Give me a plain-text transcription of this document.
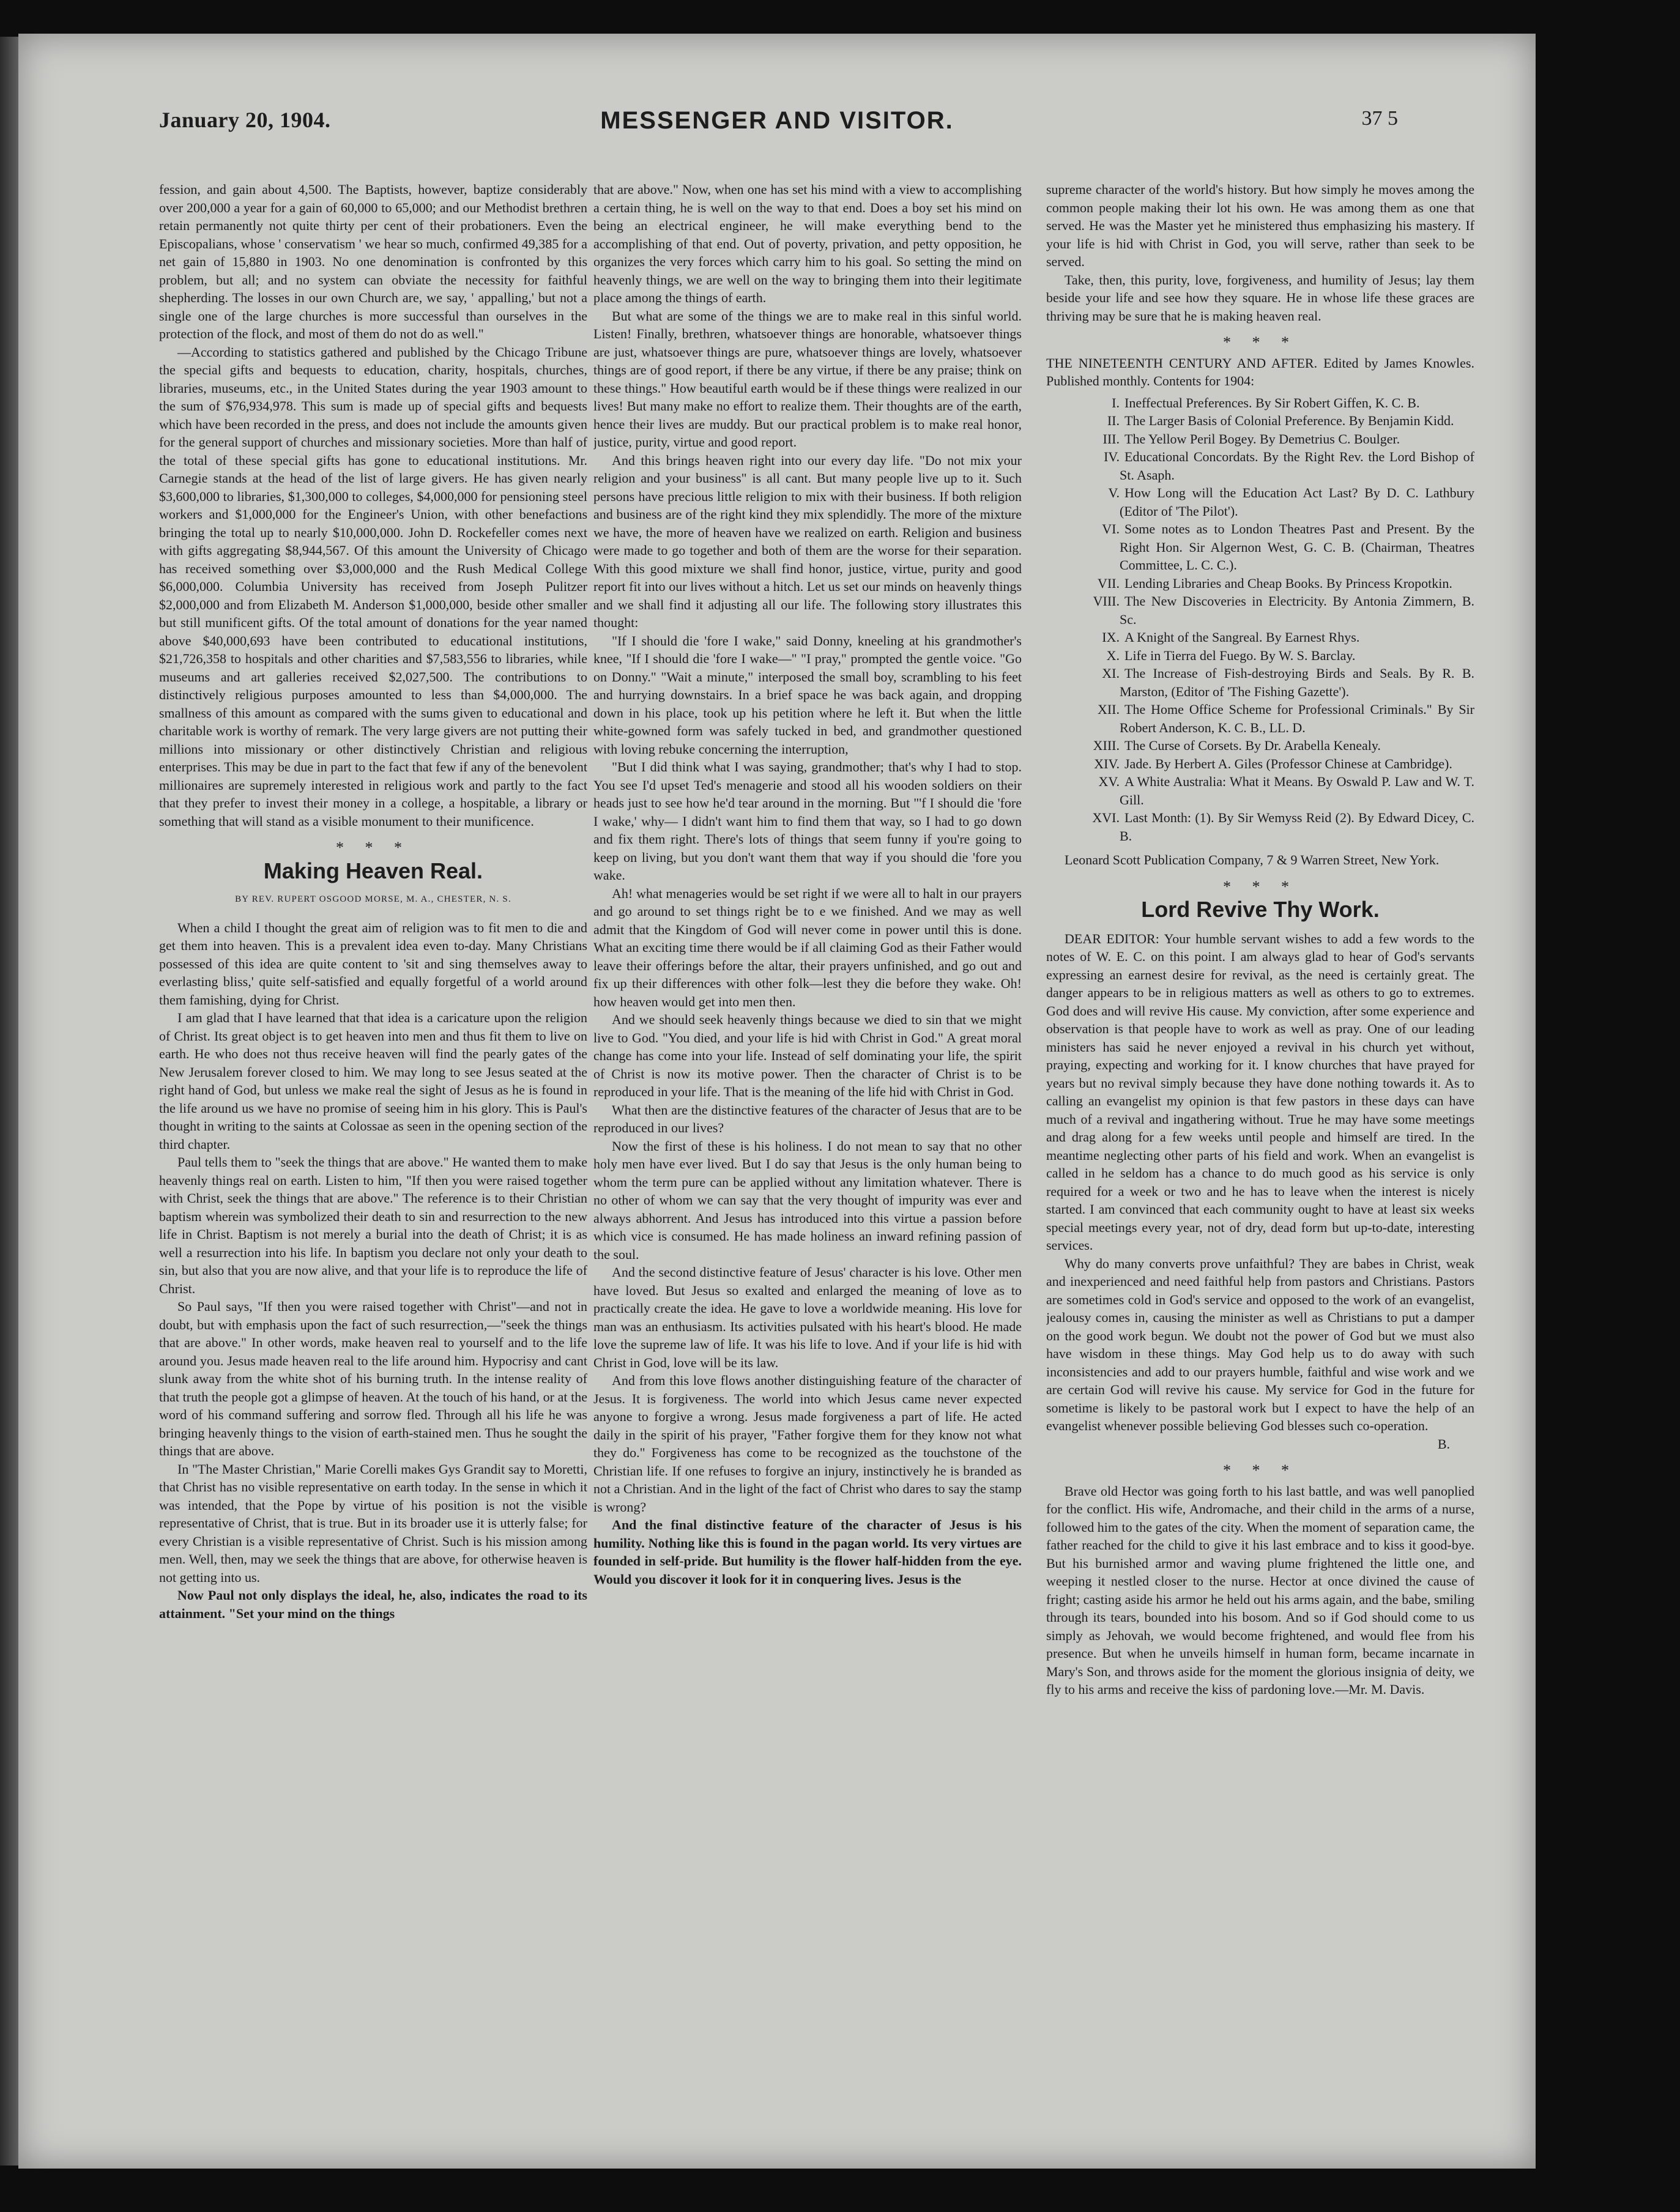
January 20, 1904.	MESSENGER AND VISITOR.	37 5

fession, and gain about 4,500. The Baptists, however, baptize considerably over 200,000 a year for a gain of 60,000 to 65,000; and our Methodist brethren retain permanently not quite thirty per cent of their probationers. Even the Episcopalians, whose ' conservatism ' we hear so much, confirmed 49,385 for a net gain of 15,880 in 1903. No one denomination is confronted by this problem, but all; and no system can obviate the necessity for faithful shepherding. The losses in our own Church are, we say, ' appalling,' but not a single one of the large churches is more successful than ourselves in the protection of the flock, and most of them do not do as well."

—According to statistics gathered and published by the Chicago Tribune the special gifts and bequests to education, charity, hospitals, churches, libraries, museums, etc., in the United States during the year 1903 amount to the sum of $76,934,978. This sum is made up of special gifts and bequests which have been recorded in the press, and does not include the amounts given for the general support of churches and missionary societies. More than half of the total of these special gifts has gone to educational institutions. Mr. Carnegie stands at the head of the list of large givers. He has given nearly $3,600,000 to libraries, $1,300,000 to colleges, $4,000,000 for pensioning steel workers and $1,000,000 for the Engineer's Union, with other benefactions bringing the total up to nearly $10,000,000. John D. Rockefeller comes next with gifts aggregating $8,944,567. Of this amount the University of Chicago has received something over $3,000,000 and the Rush Medical College $6,000,000. Columbia University has received from Joseph Pulitzer $2,000,000 and from Elizabeth M. Anderson $1,000,000, beside other smaller but still munificent gifts. Of the total amount of donations for the year named above $40,000,693 have been contributed to educational institutions, $21,726,358 to hospitals and other charities and $7,583,556 to libraries, while museums and art galleries received $2,027,500. The contributions to distinctively religious purposes amounted to less than $4,000,000. The smallness of this amount as compared with the sums given to educational and charitable work is worthy of remark. The very large givers are not putting their millions into missionary or other distinctively Christian and religious enterprises. This may be due in part to the fact that few if any of the benevolent millionaires are supremely interested in religious work and partly to the fact that they prefer to invest their money in a college, a hospitable, a library or something that will stand as a visible monument to their munificence.

* * *
Making Heaven Real.
BY REV. RUPERT OSGOOD MORSE, M. A., CHESTER, N. S.

When a child I thought the great aim of religion was to fit men to die and get them into heaven. This is a prevalent idea even to-day. Many Christians possessed of this idea are quite content to 'sit and sing themselves away to everlasting bliss,' quite self-satisfied and equally forgetful of a world around them famishing, dying for Christ.

I am glad that I have learned that that idea is a caricature upon the religion of Christ. Its great object is to get heaven into men and thus fit them to live on earth. He who does not thus receive heaven will find the pearly gates of the New Jerusalem forever closed to him. We may long to see Jesus seated at the right hand of God, but unless we make real the sight of Jesus as he is found in the life around us we have no promise of seeing him in his glory. This is Paul's thought in writing to the saints at Colossae as seen in the opening section of the third chapter.

Paul tells them to "seek the things that are above." He wanted them to make heavenly things real on earth. Listen to him, "If then you were raised together with Christ, seek the things that are above." The reference is to their Christian baptism wherein was symbolized their death to sin and resurrection to the new life in Christ. Baptism is not merely a burial into the death of Christ; it is as well a resurrection into his life. In baptism you declare not only your death to sin, but also that you are now alive, and that your life is to reproduce the life of Christ.

So Paul says, "If then you were raised together with Christ"—and not in doubt, but with emphasis upon the fact of such resurrection,—"seek the things that are above." In other words, make heaven real to yourself and to the life around you. Jesus made heaven real to the life around him. Hypocrisy and cant slunk away from the white shot of his burning truth. In the intense reality of that truth the people got a glimpse of heaven. At the touch of his hand, or at the word of his command suffering and sorrow fled. Through all his life he was bringing heavenly things to the vision of earth-stained men. Thus he sought the things that are above.

In "The Master Christian," Marie Corelli makes Gys Grandit say to Moretti, that Christ has no visible representative on earth today. In the sense in which it was intended, that the Pope by virtue of his position is not the visible representative of Christ, that is true. But in its broader use it is utterly false; for every Christian is a visible representative of Christ. Such is his mission among men. Well, then, may we seek the things that are above, for otherwise heaven is not getting into us.

Now Paul not only displays the ideal, he, also, indicates the road to its attainment. "Set your mind on the things

that are above." Now, when one has set his mind with a view to accomplishing a certain thing, he is well on the way to that end. Does a boy set his mind on being an electrical engineer, he will make everything bend to the accomplishing of that end. Out of poverty, privation, and petty opposition, he organizes the very forces which carry him to his goal. So setting the mind on heavenly things, we are well on the way to bringing them into their legitimate place among the things of earth.

But what are some of the things we are to make real in this sinful world. Listen! Finally, brethren, whatsoever things are honorable, whatsoever things are just, whatsoever things are pure, whatsoever things are lovely, whatsoever things are of good report, if there be any virtue, if there be any praise; think on these things." How beautiful earth would be if these things were realized in our lives! But many make no effort to realize them. Their thoughts are of the earth, hence their lives are muddy. But our practical problem is to make real honor, justice, purity, virtue and good report.

And this brings heaven right into our every day life. "Do not mix your religion and your business" is all cant. But many people live up to it. Such persons have precious little religion to mix with their business. If both religion and business are of the right kind they mix splendidly. The more of the mixture we have, the more of heaven have we realized on earth. Religion and business were made to go together and both of them are the worse for their separation. With this good mixture we shall find honor, justice, virtue, purity and good report fit into our lives without a hitch. Let us set our minds on heavenly things and we shall find it adjusting all our life. The following story illustrates this thought:

"If I should die 'fore I wake," said Donny, kneeling at his grandmother's knee, "If I should die 'fore I wake—" "I pray," prompted the gentle voice. "Go on Donny." "Wait a minute," interposed the small boy, scrambling to his feet and hurrying downstairs. In a brief space he was back again, and dropping down in his place, took up his petition where he left it. But when the little white-gowned form was safely tucked in bed, and grandmother questioned with loving rebuke concerning the interruption,

"But I did think what I was saying, grandmother; that's why I had to stop. You see I'd upset Ted's menagerie and stood all his wooden soldiers on their heads just to see how he'd tear around in the morning. But "'f I should die 'fore I wake,' why— I didn't want him to find them that way, so I had to go down and fix them right. There's lots of things that seem funny if you're going to keep on living, but you don't want them that way if you should die 'fore you wake.

Ah! what menageries would be set right if we were all to halt in our prayers and go around to set things right be to e we finished. And we may as well admit that the Kingdom of God will never come in power until this is done. What an exciting time there would be if all claiming God as their Father would leave their offerings before the altar, their prayers unfinished, and go out and fix up their differences with other folk—lest they die before they wake. Oh! how heaven would get into men then.

And we should seek heavenly things because we died to sin that we might live to God. "You died, and your life is hid with Christ in God." A great moral change has come into your life. Instead of self dominating your life, the spirit of Christ is now its motive power. Then the character of Christ is to be reproduced in your life. That is the meaning of the life hid with Christ in God.

What then are the distinctive features of the character of Jesus that are to be reproduced in our lives?

Now the first of these is his holiness. I do not mean to say that no other holy men have ever lived. But I do say that Jesus is the only human being to whom the term pure can be applied without any limitation whatever. There is no other of whom we can say that the very thought of impurity was ever and always abhorrent. And Jesus has introduced into this virtue a passion before which vice is consumed. He has made holiness an inward refining passion of the soul.

And the second distinctive feature of Jesus' character is his love. Other men have loved. But Jesus so exalted and enlarged the meaning of love as to practically create the idea. He gave to love a worldwide meaning. His love for man was an enthusiasm. Its activities pulsated with his heart's blood. He made love the supreme law of life. It was his life to love. And if your life is hid with Christ in God, love will be its law.

And from this love flows another distinguishing feature of the character of Jesus. It is forgiveness. The world into which Jesus came never expected anyone to forgive a wrong. Jesus made forgiveness a part of life. He acted daily in the spirit of his prayer, "Father forgive them for they know not what they do." Forgiveness has come to be recognized as the touchstone of the Christian life. If one refuses to forgive an injury, instinctively he is branded as not a Christian. And in the light of the fact of Christ who dares to say the stamp is wrong?

And the final distinctive feature of the character of Jesus is his humility. Nothing like this is found in the pagan world. Its very virtues are founded in self-pride. But humility is the flower half-hidden from the eye. Would you discover it look for it in conquering lives. Jesus is the

supreme character of the world's history. But how simply he moves among the common people making their lot his own. He was among them as one that served. He was the Master yet he ministered thus emphasizing his mastery. If your life is hid with Christ in God, you will serve, rather than seek to be served.

Take, then, this purity, love, forgiveness, and humility of Jesus; lay them beside your life and see how they square. He in whose life these graces are thriving may be sure that he is making heaven real.

* * *

THE NINETEENTH CENTURY AND AFTER. Edited by James Knowles. Published monthly. Contents for 1904:

I. Ineffectual Preferences. By Sir Robert Giffen, K. C. B.
II. The Larger Basis of Colonial Preference. By Benjamin Kidd.
III. The Yellow Peril Bogey. By Demetrius C. Boulger.
IV. Educational Concordats. By the Right Rev. the Lord Bishop of St. Asaph.
V. How Long will the Education Act Last? By D. C. Lathbury (Editor of 'The Pilot').
VI. Some notes as to London Theatres Past and Present. By the Right Hon. Sir Algernon West, G. C. B. (Chairman, Theatres Committee, L. C. C.).
VII. Lending Libraries and Cheap Books. By Princess Kropotkin.
VIII. The New Discoveries in Electricity. By Antonia Zimmern, B. Sc.
IX. A Knight of the Sangreal. By Earnest Rhys.
X. Life in Tierra del Fuego. By W. S. Barclay.
XI. The Increase of Fish-destroying Birds and Seals. By R. B. Marston, (Editor of 'The Fishing Gazette').
XII. The Home Office Scheme for Professional Criminals." By Sir Robert Anderson, K. C. B., LL. D.
XIII. The Curse of Corsets. By Dr. Arabella Kenealy.
XIV. Jade. By Herbert A. Giles (Professor Chinese at Cambridge).
XV. A White Australia: What it Means. By Oswald P. Law and W. T. Gill.
XVI. Last Month: (1). By Sir Wemyss Reid (2). By Edward Dicey, C. B.

Leonard Scott Publication Company, 7 & 9 Warren Street, New York.

* * *
Lord Revive Thy Work.

DEAR EDITOR: Your humble servant wishes to add a few words to the notes of W. E. C. on this point. I am always glad to hear of God's servants expressing an earnest desire for revival, as the need is certainly great. The danger appears to be in religious matters as well as others to go to extremes. God does and will revive His cause. My conviction, after some experience and observation is that people have to work as well as pray. One of our leading ministers has said he never enjoyed a revival in his church yet without, praying, expecting and working for it. I know churches that have prayed for years but no revival simply because they have done nothing towards it. As to calling an evangelist my opinion is that few pastors in these days can have much of a revival and ingathering without. True he may have some meetings and drag along for a few weeks until people and himself are tired. In the meantime neglecting other parts of his field and work. When an evangelist is called in he seldom has a chance to do much good as his service is only required for a week or two and he has to leave when the interest is nicely started. I am convinced that each community ought to have at least six weeks special meetings every year, not of dry, dead form but up-to-date, interesting services.

Why do many converts prove unfaithful? They are babes in Christ, weak and inexperienced and need faithful help from pastors and Christians. Pastors are sometimes cold in God's service and opposed to the work of an evangelist, jealousy comes in, causing the minister as well as Christians to put a damper on the good work begun. We doubt not the power of God but we must also have wisdom in these things. May God help us to do away with such inconsistencies and add to our prayers humble, faithful and wise work and we are certain God will revive his cause. My service for God in the future for sometime is likely to be pastoral work but I expect to have the help of an evangelist whenever possible believing God blesses such co-operation.

B.
* * *

Brave old Hector was going forth to his last battle, and was well panoplied for the conflict. His wife, Andromache, and their child in the arms of a nurse, followed him to the gates of the city. When the moment of separation came, the father reached for the child to give it his last embrace and to kiss it good-bye. But his burnished armor and waving plume frightened the little one, and weeping it nestled closer to the nurse. Hector at once divined the cause of fright; casting aside his armor he held out his arms again, and the babe, smiling through its tears, bounded into his bosom. And so if God should come to us simply as Jehovah, we would become frightened, and would flee from his presence. But when he unveils himself in human form, became incarnate in Mary's Son, and throws aside for the moment the glorious insignia of deity, we fly to his arms and receive the kiss of pardoning love.—Mr. M. Davis.
